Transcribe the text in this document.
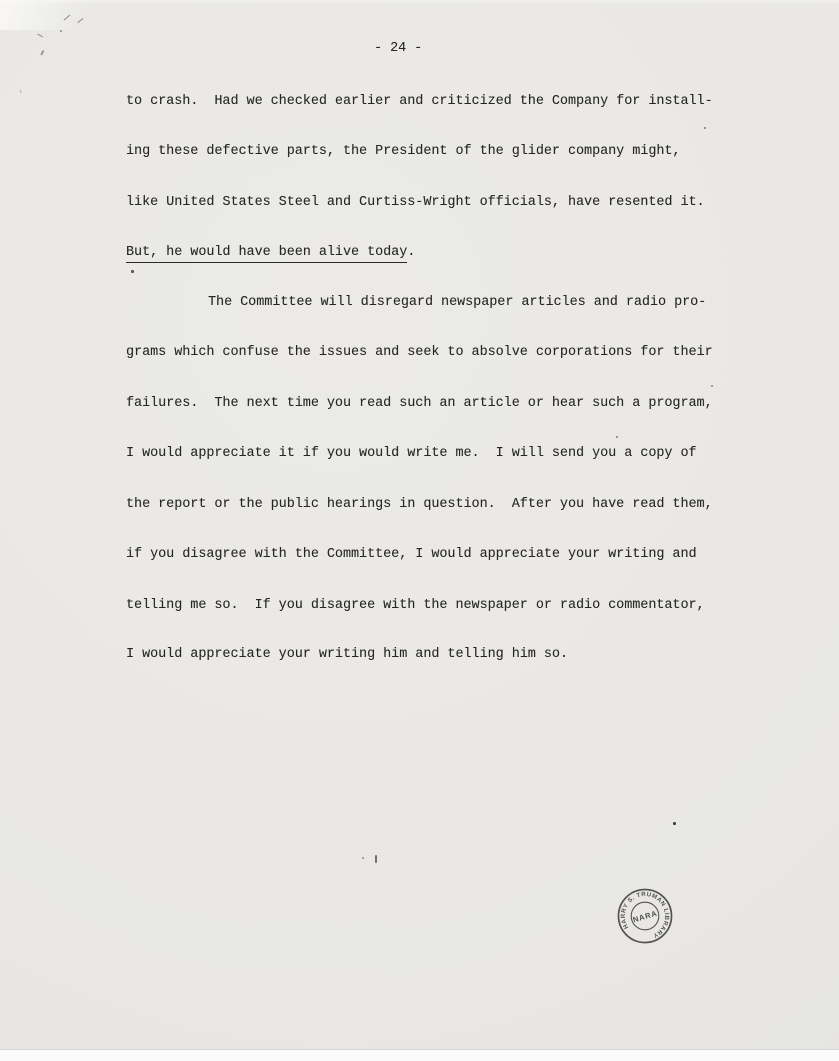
- 24 -
to crash.  Had we checked earlier and criticized the Company for install-
ing these defective parts, the President of the glider company might,
like United States Steel and Curtiss-Wright officials, have resented it.
But, he would have been alive today.
The Committee will disregard newspaper articles and radio pro-
grams which confuse the issues and seek to absolve corporations for their
failures.  The next time you read such an article or hear such a program,
I would appreciate it if you would write me.  I will send you a copy of
the report or the public hearings in question.  After you have read them,
if you disagree with the Committee, I would appreciate your writing and
telling me so.  If you disagree with the newspaper or radio commentator,
I would appreciate your writing him and telling him so.
HARRY S. TRUMAN LIBRARY
NARA
